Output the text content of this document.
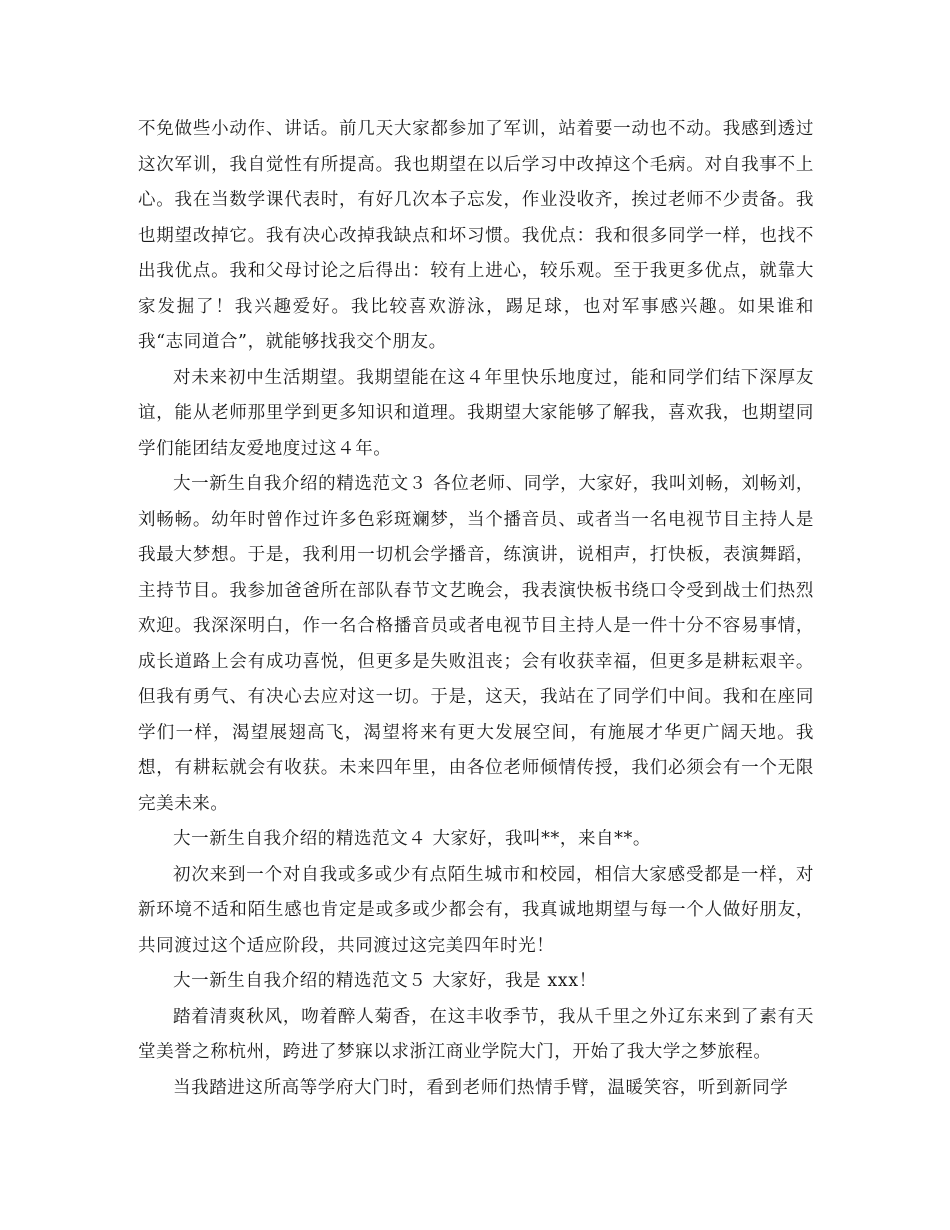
不免做些小动作、讲话。前几天大家都参加了军训，站着要一动也不动。我感到透过这次军训，我自觉性有所提高。我也期望在以后学习中改掉这个毛病。对自我事不上心。我在当数学课代表时，有好几次本子忘发，作业没收齐，挨过老师不少责备。我也期望改掉它。我有决心改掉我缺点和坏习惯。我优点：我和很多同学一样，也找不出我优点。我和父母讨论之后得出：较有上进心，较乐观。至于我更多优点，就靠大家发掘了！我兴趣爱好。我比较喜欢游泳，踢足球，也对军事感兴趣。如果谁和我“志同道合”，就能够找我交个朋友。

对未来初中生活期望。我期望能在这４年里快乐地度过，能和同学们结下深厚友谊，能从老师那里学到更多知识和道理。我期望大家能够了解我，喜欢我，也期望同学们能团结友爱地度过这４年。

大一新生自我介绍的精选范文３ 各位老师、同学，大家好，我叫刘畅，刘畅刘，刘畅畅。幼年时曾作过许多色彩斑斓梦，当个播音员、或者当一名电视节目主持人是我最大梦想。于是，我利用一切机会学播音，练演讲，说相声，打快板，表演舞蹈，主持节目。我参加爸爸所在部队春节文艺晚会，我表演快板书绕口令受到战士们热烈欢迎。我深深明白，作一名合格播音员或者电视节目主持人是一件十分不容易事情，成长道路上会有成功喜悦，但更多是失败沮丧；会有收获幸福，但更多是耕耘艰辛。但我有勇气、有决心去应对这一切。于是，这天，我站在了同学们中间。我和在座同学们一样，渴望展翅高飞，渴望将来有更大发展空间，有施展才华更广阔天地。我想，有耕耘就会有收获。未来四年里，由各位老师倾情传授，我们必须会有一个无限完美未来。

大一新生自我介绍的精选范文４ 大家好，我叫**，来自**。

初次来到一个对自我或多或少有点陌生城市和校园，相信大家感受都是一样，对新环境不适和陌生感也肯定是或多或少都会有，我真诚地期望与每一个人做好朋友，共同渡过这个适应阶段，共同渡过这完美四年时光！

大一新生自我介绍的精选范文５ 大家好，我是 xxx！

踏着清爽秋风，吻着醉人菊香，在这丰收季节，我从千里之外辽东来到了素有天堂美誉之称杭州，跨进了梦寐以求浙江商业学院大门，开始了我大学之梦旅程。

当我踏进这所高等学府大门时，看到老师们热情手臂，温暖笑容，听到新同学
